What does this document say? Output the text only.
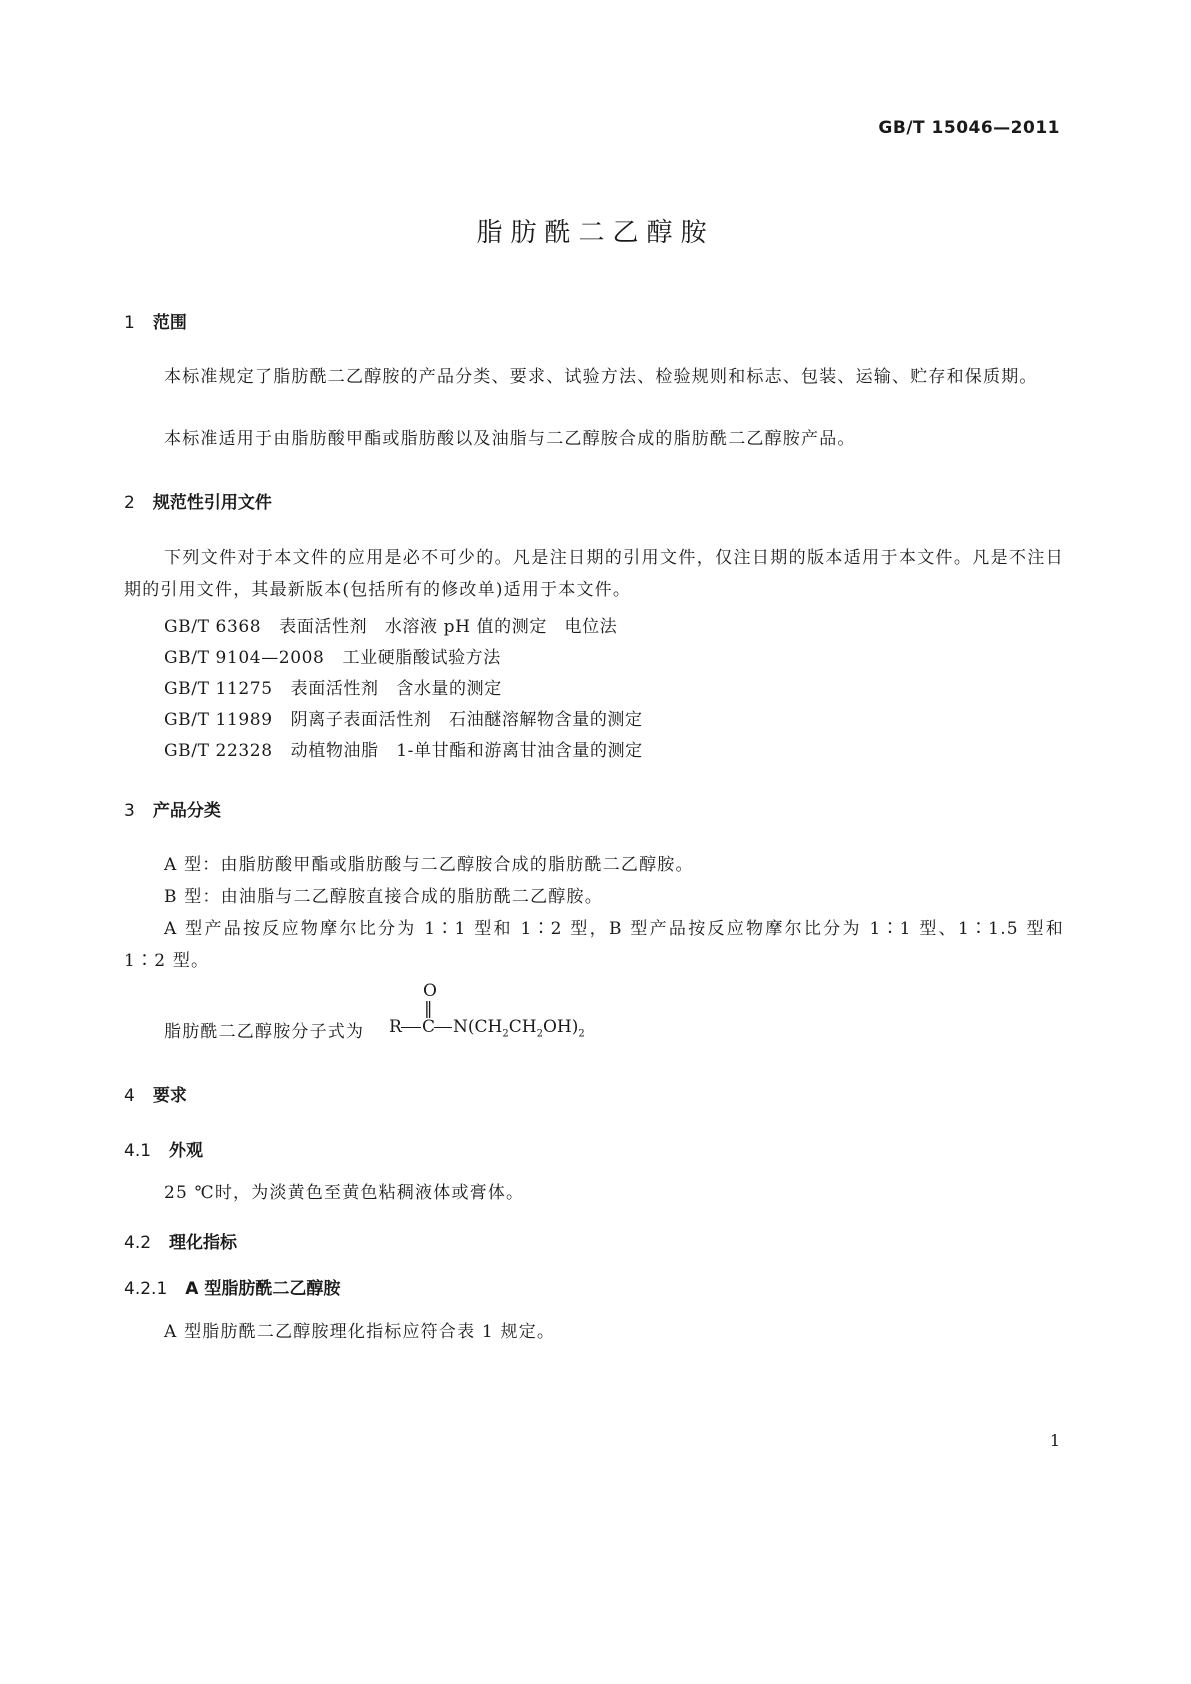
GB/T 15046—2011
脂肪酰二乙醇胺
1 范围
本标准规定了脂肪酰二乙醇胺的产品分类、要求、试验方法、检验规则和标志、包装、运输、贮存和保质期。
本标准适用于由脂肪酸甲酯或脂肪酸以及油脂与二乙醇胺合成的脂肪酰二乙醇胺产品。
2 规范性引用文件
下列文件对于本文件的应用是必不可少的。凡是注日期的引用文件，仅注日期的版本适用于本文件。凡是不注日期的引用文件，其最新版本(包括所有的修改单)适用于本文件。
GB/T 6368 表面活性剂　水溶液 pH 值的测定　电位法
GB/T 9104—2008 工业硬脂酸试验方法
GB/T 11275 表面活性剂　含水量的测定
GB/T 11989 阴离子表面活性剂　石油醚溶解物含量的测定
GB/T 22328 动植物油脂　1-单甘酯和游离甘油含量的测定
3 产品分类
A 型：由脂肪酸甲酯或脂肪酸与二乙醇胺合成的脂肪酰二乙醇胺。
B 型：由油脂与二乙醇胺直接合成的脂肪酰二乙醇胺。
A 型产品按反应物摩尔比分为 1∶1 型和 1∶2 型，B 型产品按反应物摩尔比分为 1∶1 型、1∶1.5 型和 1∶2 型。
脂肪酰二乙醇胺分子式为
O
‖
R C $N(CH_2CH_2OH)_2$
4 要求
4.1 外观
25 ℃时，为淡黄色至黄色粘稠液体或膏体。
4.2 理化指标
4.2.1 A 型脂肪酰二乙醇胺
A 型脂肪酰二乙醇胺理化指标应符合表 1 规定。
1
